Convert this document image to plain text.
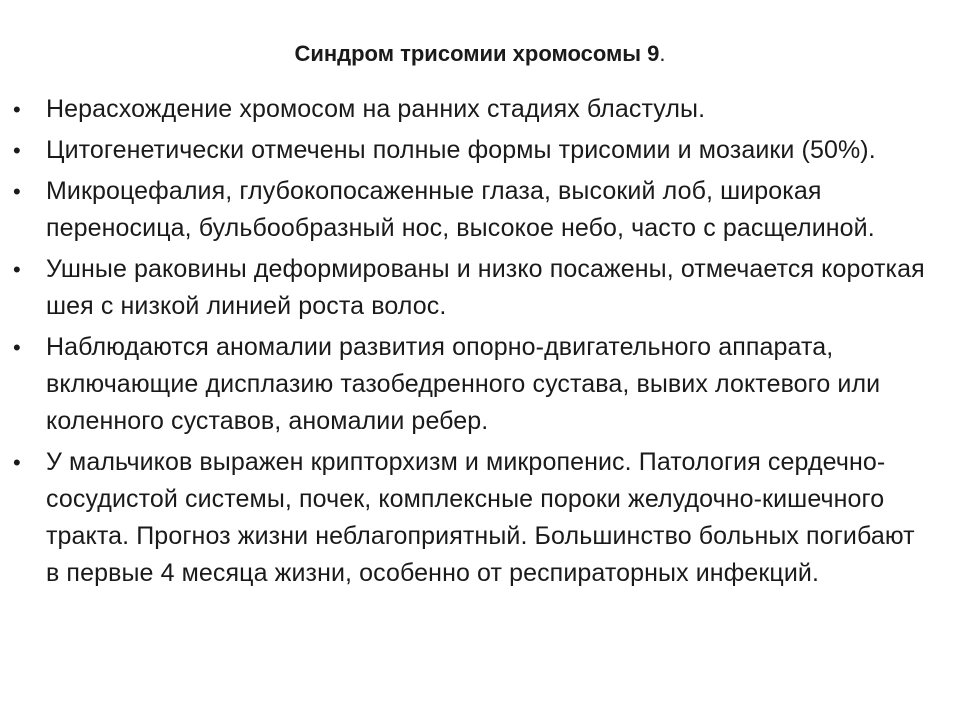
Синдром трисомии хромосомы 9.
• Нерасхождение хромосом на ранних стадиях бластулы.
• Цитогенетически отмечены полные формы трисомии и мозаики (50%).
• Микроцефалия, глубокопосаженные глаза, высокий лоб, широкая переносица, бульбообразный нос, высокое небо, часто с расщелиной.
• Ушные раковины деформированы и низко посажены, отмечается короткая шея с низкой линией роста волос.
• Наблюдаются аномалии развития опорно-двигательного аппарата, включающие дисплазию тазобедренного сустава, вывих локтевого или коленного суставов, аномалии ребер.
• У мальчиков выражен крипторхизм и микропенис. Патология сердечно-сосудистой системы, почек, комплексные пороки желудочно-кишечного тракта. Прогноз жизни неблагоприятный. Большинство больных погибают в первые 4 месяца жизни, особенно от респираторных инфекций.
